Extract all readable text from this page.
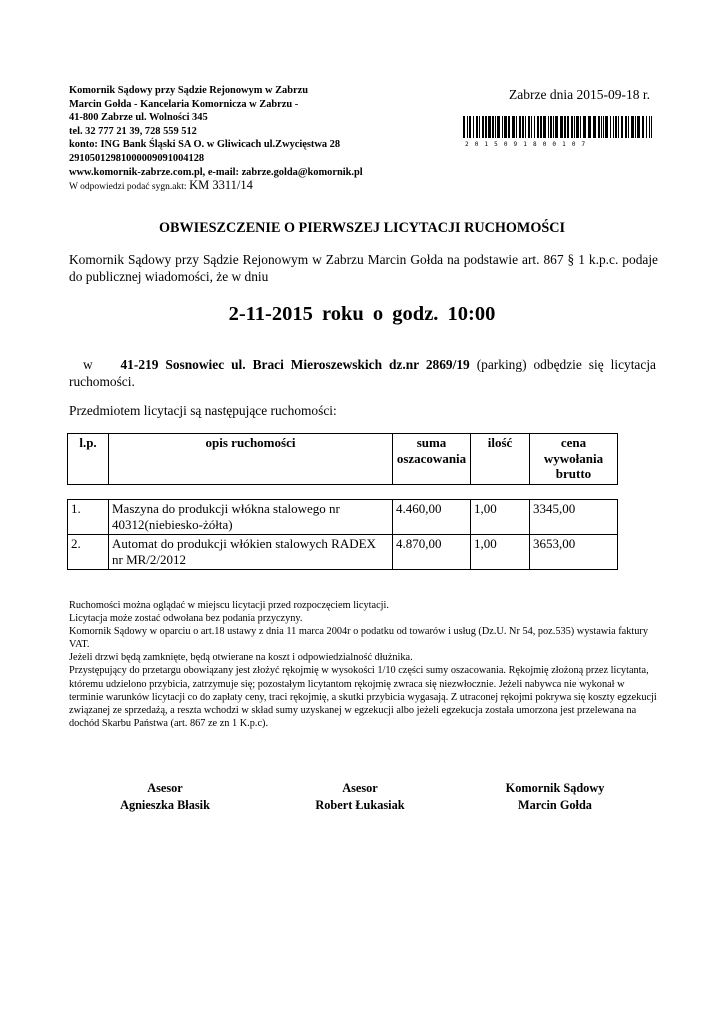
Komornik Sądowy przy Sądzie Rejonowym w Zabrzu
Marcin Gołda - Kancelaria Komornicza w Zabrzu -
41-800 Zabrze ul. Wolności 345
tel. 32 777 21 39, 728 559 512
konto: ING Bank Śląski SA O. w Gliwicach ul.Zwycięstwa 28
29105012981000009091004128
www.komornik-zabrze.com.pl, e-mail: zabrze.golda@komornik.pl
W odpowiedzi podać sygn.akt: KM 3311/14
Zabrze dnia 2015-09-18 r.
2015091800107
OBWIESZCZENIE O PIERWSZEJ LICYTACJI RUCHOMOŚCI
Komornik Sądowy przy Sądzie Rejonowym w Zabrzu Marcin Gołda na podstawie art. 867 § 1 k.p.c. podaje do publicznej wiadomości, że w dniu
2-11-2015 roku o godz. 10:00
w 41-219 Sosnowiec ul. Braci Mieroszewskich dz.nr 2869/19 (parking) odbędzie się licytacja ruchomości.
Przedmiotem licytacji są następujące ruchomości:
l.p.	opis ruchomości	suma oszacowania	ilość	cena wywołania brutto
1.	Maszyna do produkcji włókna stalowego nr 40312(niebiesko-żółta)	4.460,00	1,00	3345,00
2.	Automat do produkcji włókien stalowych RADEX nr MR/2/2012	4.870,00	1,00	3653,00
Ruchomości można oglądać w miejscu licytacji przed rozpoczęciem licytacji.
Licytacja może zostać odwołana bez podania przyczyny.
Komornik Sądowy w oparciu o art.18 ustawy z dnia 11 marca 2004r o podatku od towarów i usług (Dz.U. Nr 54, poz.535) wystawia faktury VAT.
Jeżeli drzwi będą zamknięte, będą otwierane na koszt i odpowiedzialność dłużnika.
Przystępujący do przetargu obowiązany jest złożyć rękojmię w wysokości 1/10 części sumy oszacowania. Rękojmię złożoną przez licytanta, któremu udzielono przybicia, zatrzymuje się; pozostałym licytantom rękojmię zwraca się niezwłocznie. Jeżeli nabywca nie wykonał w terminie warunków licytacji co do zapłaty ceny, traci rękojmię, a skutki przybicia wygasają. Z utraconej rękojmi pokrywa się koszty egzekucji związanej ze sprzedażą, a reszta wchodzi w skład sumy uzyskanej w egzekucji albo jeżeli egzekucja została umorzona jest przelewana na dochód Skarbu Państwa (art. 867 ze zn 1 K.p.c).
Asesor
Agnieszka Błasik
Asesor
Robert Łukasiak
Komornik Sądowy
Marcin Gołda
